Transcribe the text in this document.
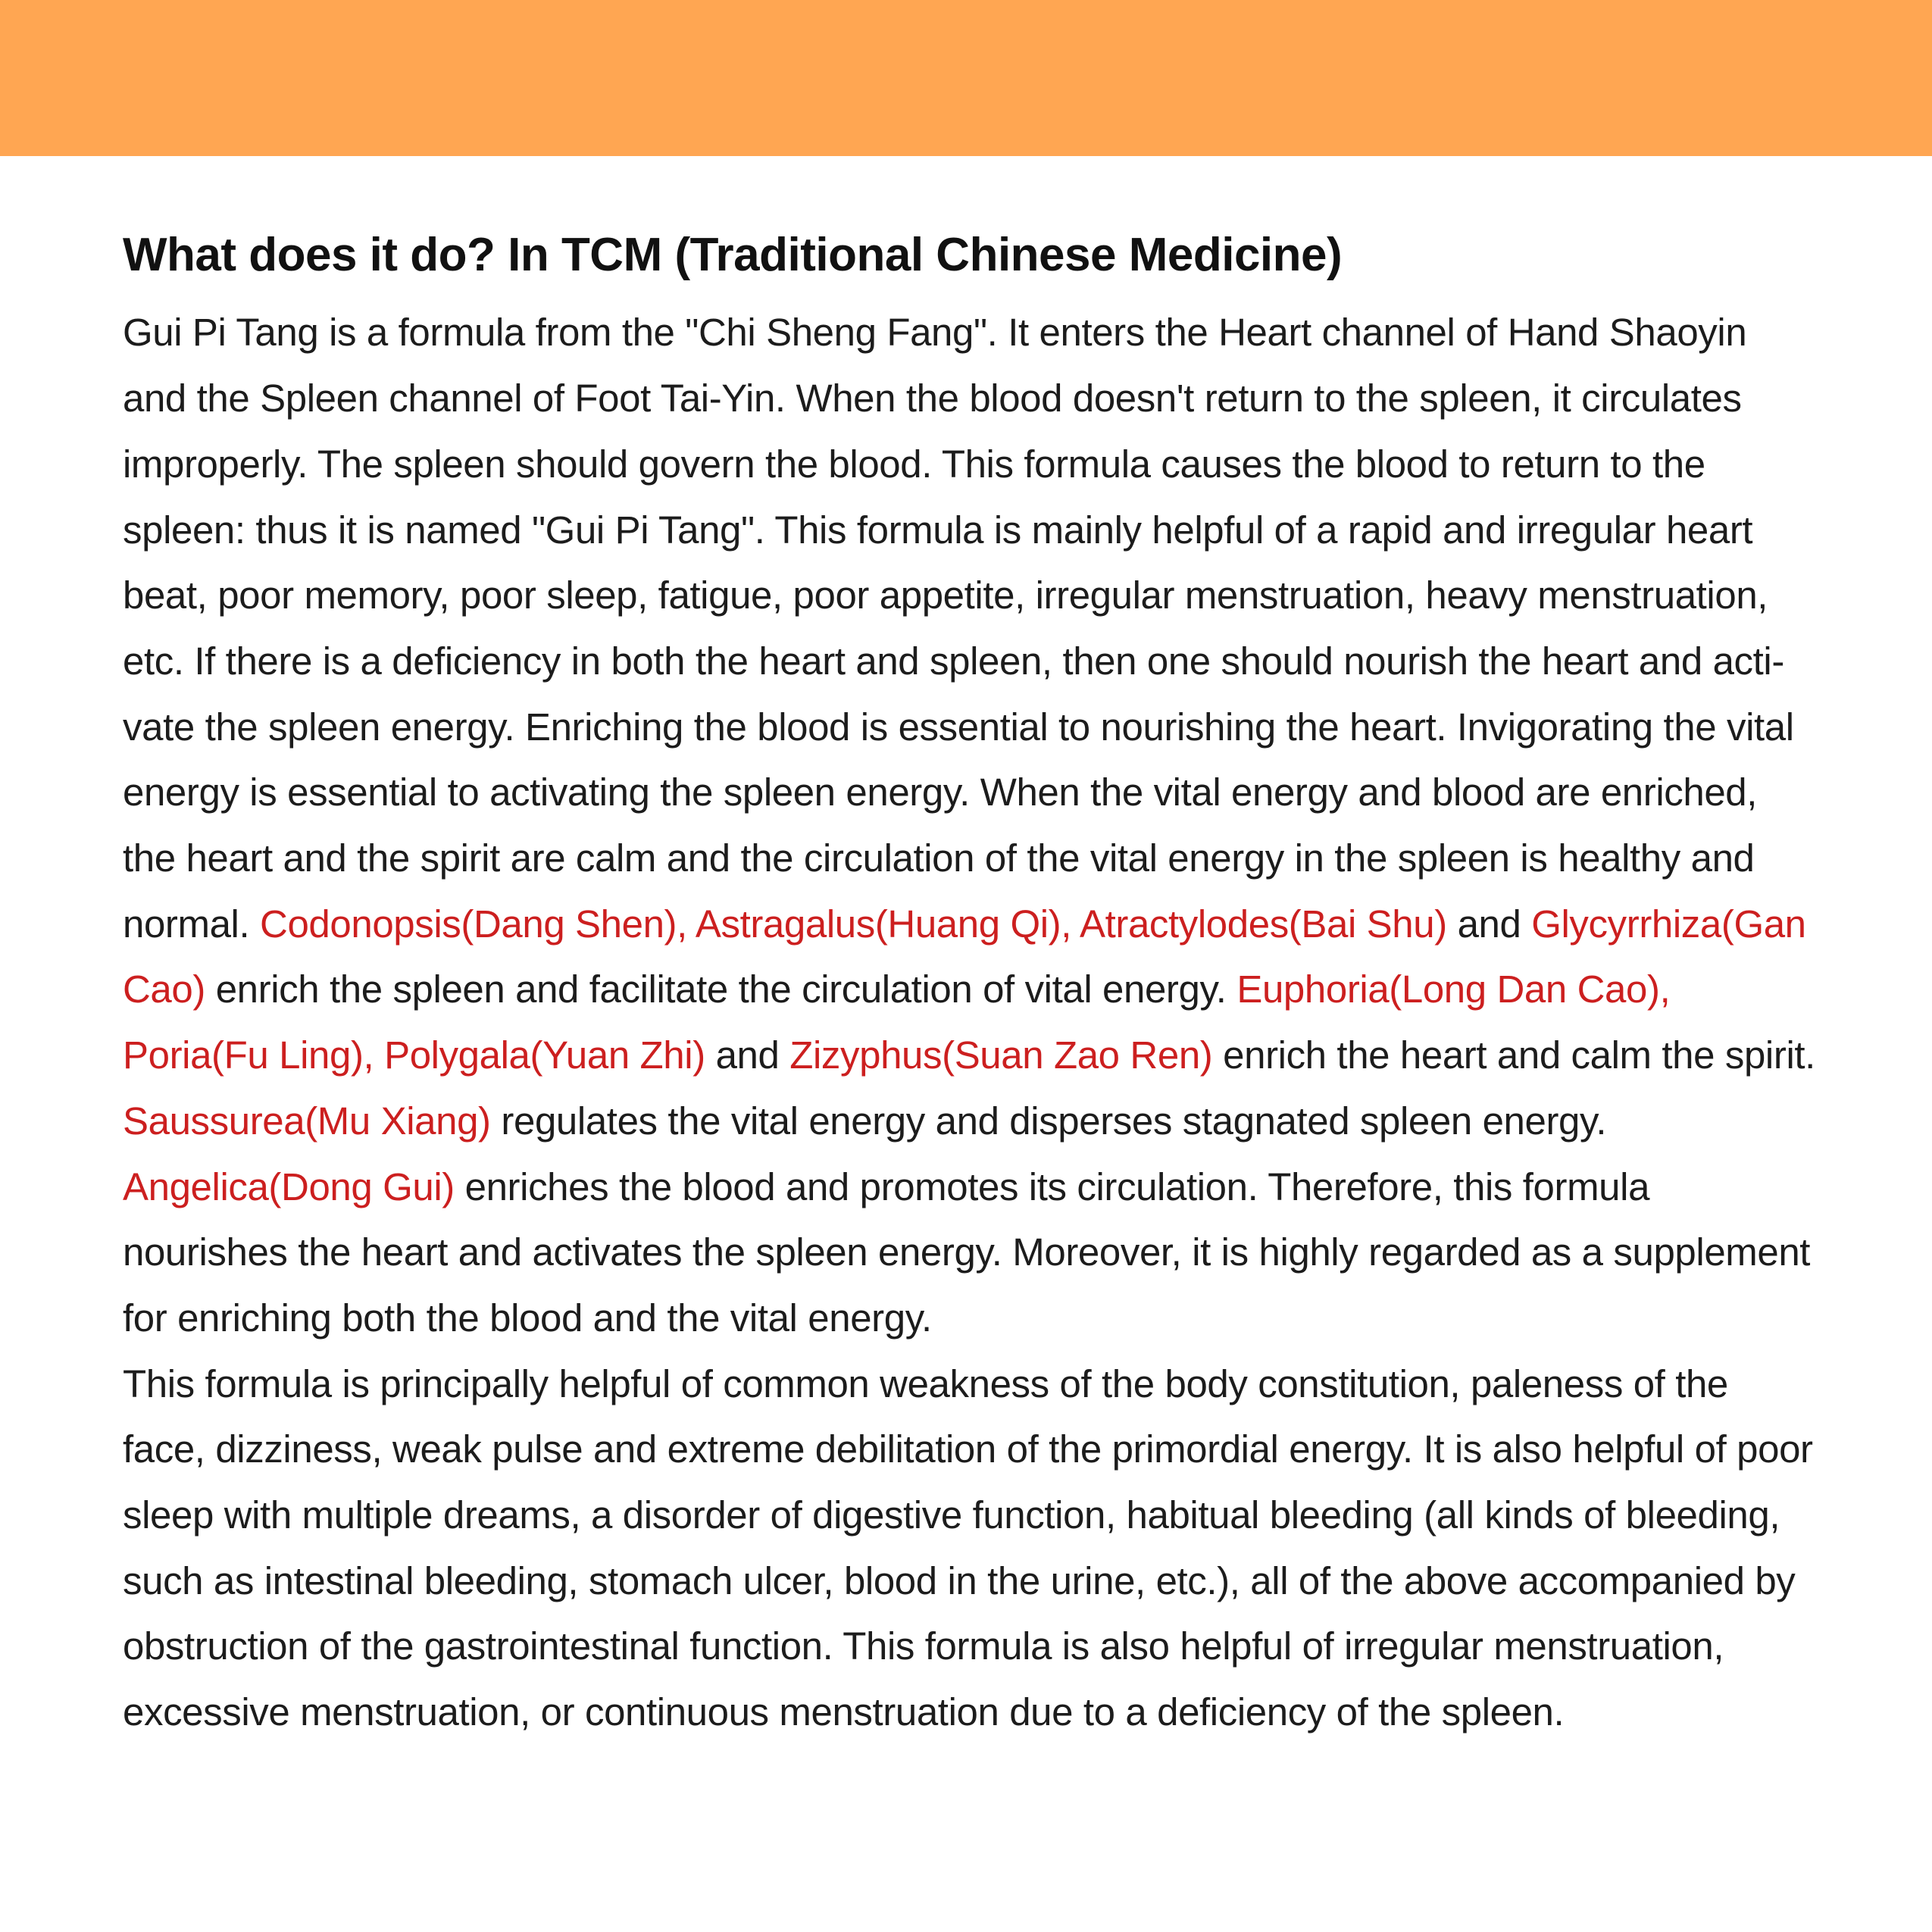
What does it do? In TCM (Traditional Chinese Medicine)

Gui Pi Tang is a formula from the "Chi Sheng Fang". It enters the Heart channel of Hand Shaoyin and the Spleen channel of Foot Tai-Yin. When the blood doesn't return to the spleen, it circulates improperly. The spleen should govern the blood. This formula causes the blood to return to the spleen: thus it is named "Gui Pi Tang". This formula is mainly helpful of a rapid and irregular heart beat, poor memory, poor sleep, fatigue, poor appetite, irregular menstruation, heavy menstruation, etc. If there is a deficiency in both the heart and spleen, then one should nourish the heart and activate the spleen energy. Enriching the blood is essential to nourishing the heart. Invigorating the vital energy is essential to activating the spleen energy. When the vital energy and blood are enriched, the heart and the spirit are calm and the circulation of the vital energy in the spleen is healthy and normal. Codonopsis(Dang Shen), Astragalus(Huang Qi), Atractylodes(Bai Shu) and Glycyrrhiza(Gan Cao) enrich the spleen and facilitate the circulation of vital energy. Euphoria(Long Dan Cao), Poria(Fu Ling), Polygala(Yuan Zhi) and Zizyphus(Suan Zao Ren) enrich the heart and calm the spirit. Saussurea(Mu Xiang) regulates the vital energy and disperses stagnated spleen energy. Angelica(Dong Gui) enriches the blood and promotes its circulation. Therefore, this formula nourishes the heart and activates the spleen energy. Moreover, it is highly regarded as a supplement for enriching both the blood and the vital energy.

This formula is principally helpful of common weakness of the body constitution, paleness of the face, dizziness, weak pulse and extreme debilitation of the primordial energy. It is also helpful of poor sleep with multiple dreams, a disorder of digestive function, habitual bleeding (all kinds of bleeding, such as intestinal bleeding, stomach ulcer, blood in the urine, etc.), all of the above accompanied by obstruction of the gastrointestinal function. This formula is also helpful of irregular menstruation, excessive menstruation, or continuous menstruation due to a deficiency of the spleen.
